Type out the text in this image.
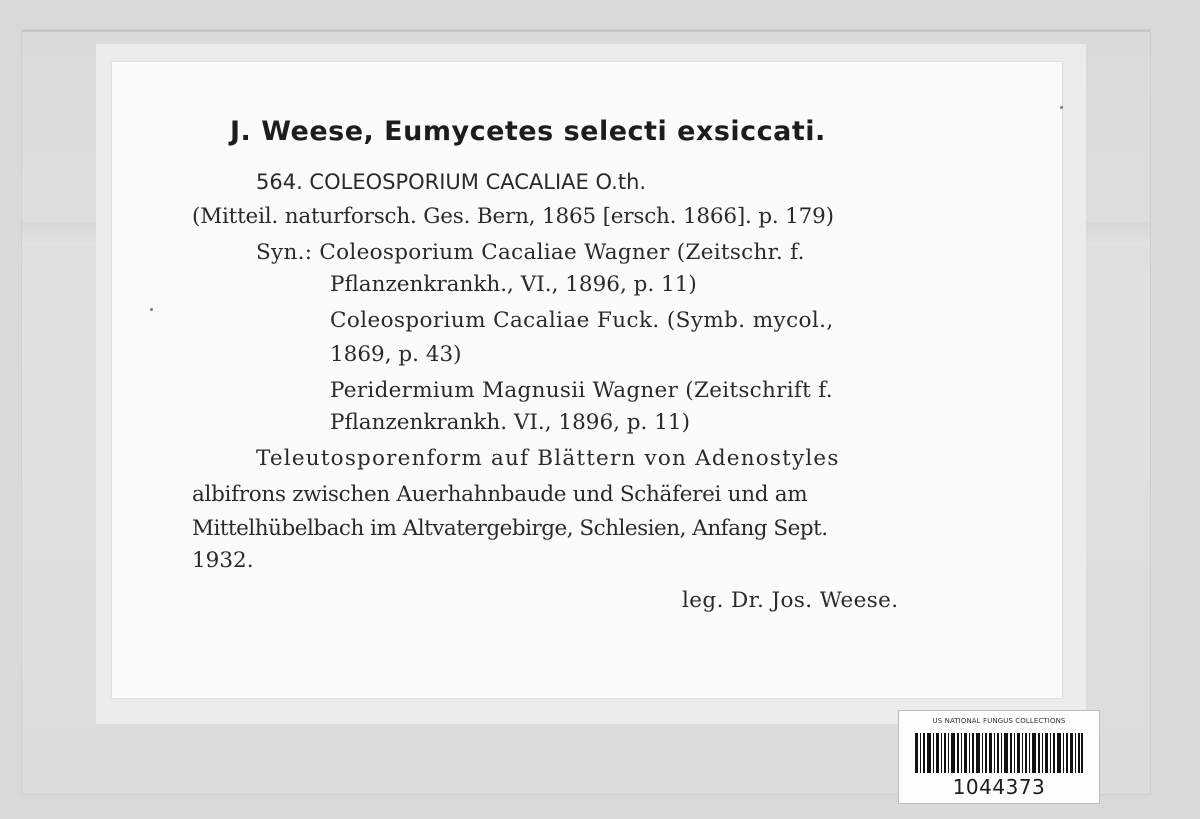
J. Weese, Eumycetes selecti exsiccati.
564. COLEOSPORIUM CACALIAE O.th.
(Mitteil. naturforsch. Ges. Bern, 1865 [ersch. 1866]. p. 179)
Syn.: Coleosporium Cacaliae Wagner (Zeitschr. f.
Pflanzenkrankh., VI., 1896, p. 11)
Coleosporium Cacaliae Fuck. (Symb. mycol.,
1869, p. 43)
Peridermium Magnusii Wagner (Zeitschrift f.
Pflanzenkrankh. VI., 1896, p. 11)
Teleutosporenform auf Blättern von Adenostyles
albifrons zwischen Auerhahnbaude und Schäferei und am
Mittelhübelbach im Altvatergebirge, Schlesien, Anfang Sept.
1932.
leg. Dr. Jos. Weese.
US NATIONAL FUNGUS COLLECTIONS
1044373
